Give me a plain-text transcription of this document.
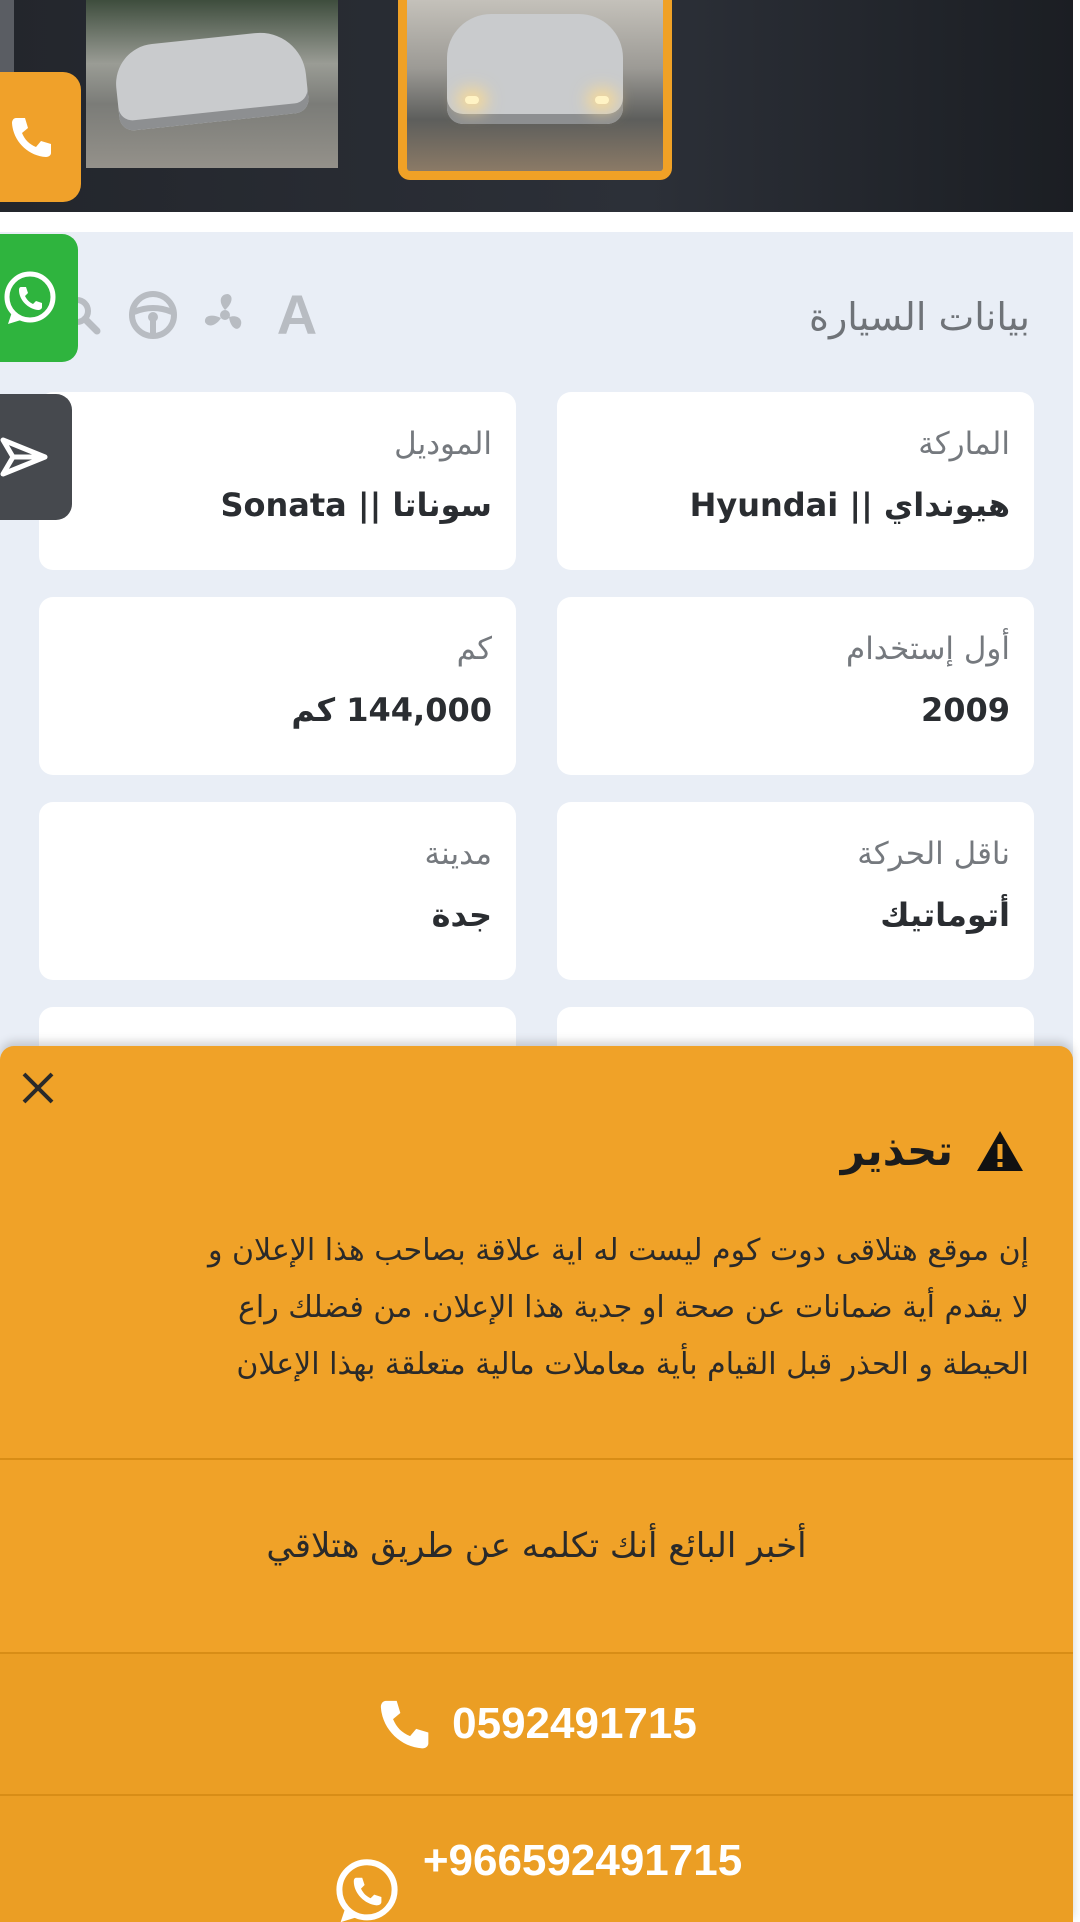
بيانات السيارة
A
الماركة
هيونداي || Hyundai
الموديل
سوناتا || Sonata
أول إستخدام
2009
كم
144,000 كم
ناقل الحركة
أتوماتيك
مدينة
جدة
تحذير
إن موقع هتلاقى دوت كوم ليست له اية علاقة بصاحب هذا الإعلان و
لا يقدم أية ضمانات عن صحة او جدية هذا الإعلان. من فضلك راع
الحيطة و الحذر قبل القيام بأية معاملات مالية متعلقة بهذا الإعلان
أخبر البائع أنك تكلمه عن طريق هتلاقي
0592491715
+966592491715
